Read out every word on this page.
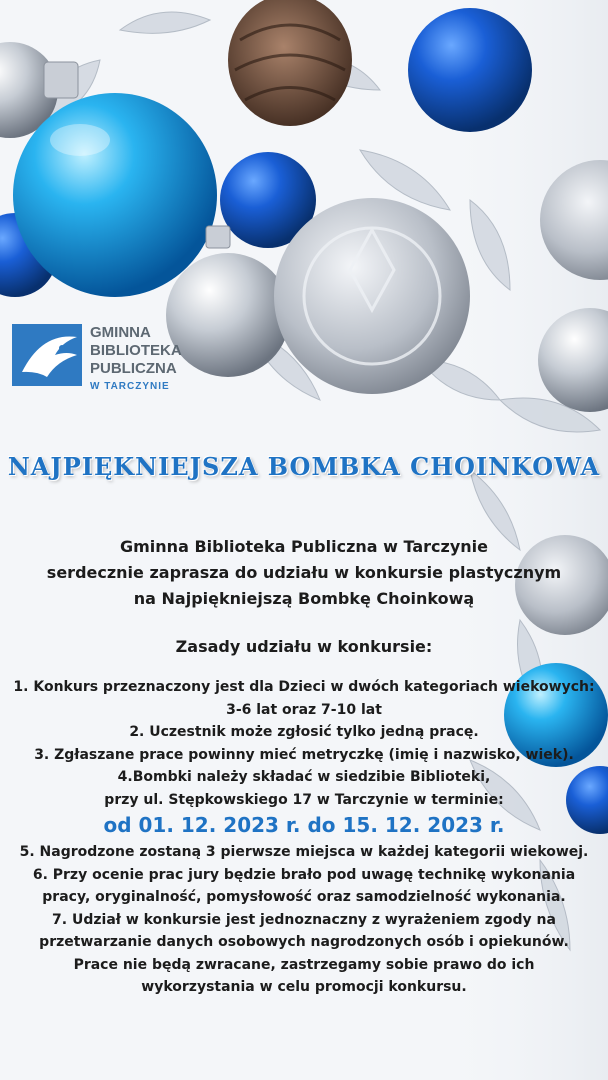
GMINNA
BIBLIOTEKA
PUBLICZNA
W TARCZYNIE
NAJPIĘKNIEJSZA BOMBKA CHOINKOWA
Gminna Biblioteka Publiczna w Tarczynie
serdecznie zaprasza do udziału w konkursie plastycznym
na Najpiękniejszą Bombkę Choinkową
Zasady udziału w konkursie:
1. Konkurs przeznaczony jest dla Dzieci w dwóch kategoriach wiekowych:
3-6 lat oraz 7-10 lat
2. Uczestnik może zgłosić tylko jedną pracę.
3. Zgłaszane prace powinny mieć metryczkę (imię i nazwisko, wiek).
4.Bombki należy składać w siedzibie Biblioteki,
przy ul. Stępkowskiego 17 w Tarczynie w terminie:
od 01. 12. 2023 r. do 15. 12. 2023 r.
5. Nagrodzone zostaną 3 pierwsze miejsca w każdej kategorii wiekowej.
6. Przy ocenie prac jury będzie brało pod uwagę technikę wykonania
pracy, oryginalność, pomysłowość oraz samodzielność wykonania.
7. Udział w konkursie jest jednoznaczny z wyrażeniem zgody na
przetwarzanie danych osobowych nagrodzonych osób i opiekunów.
Prace nie będą zwracane, zastrzegamy sobie prawo do ich
wykorzystania w celu promocji konkursu.
